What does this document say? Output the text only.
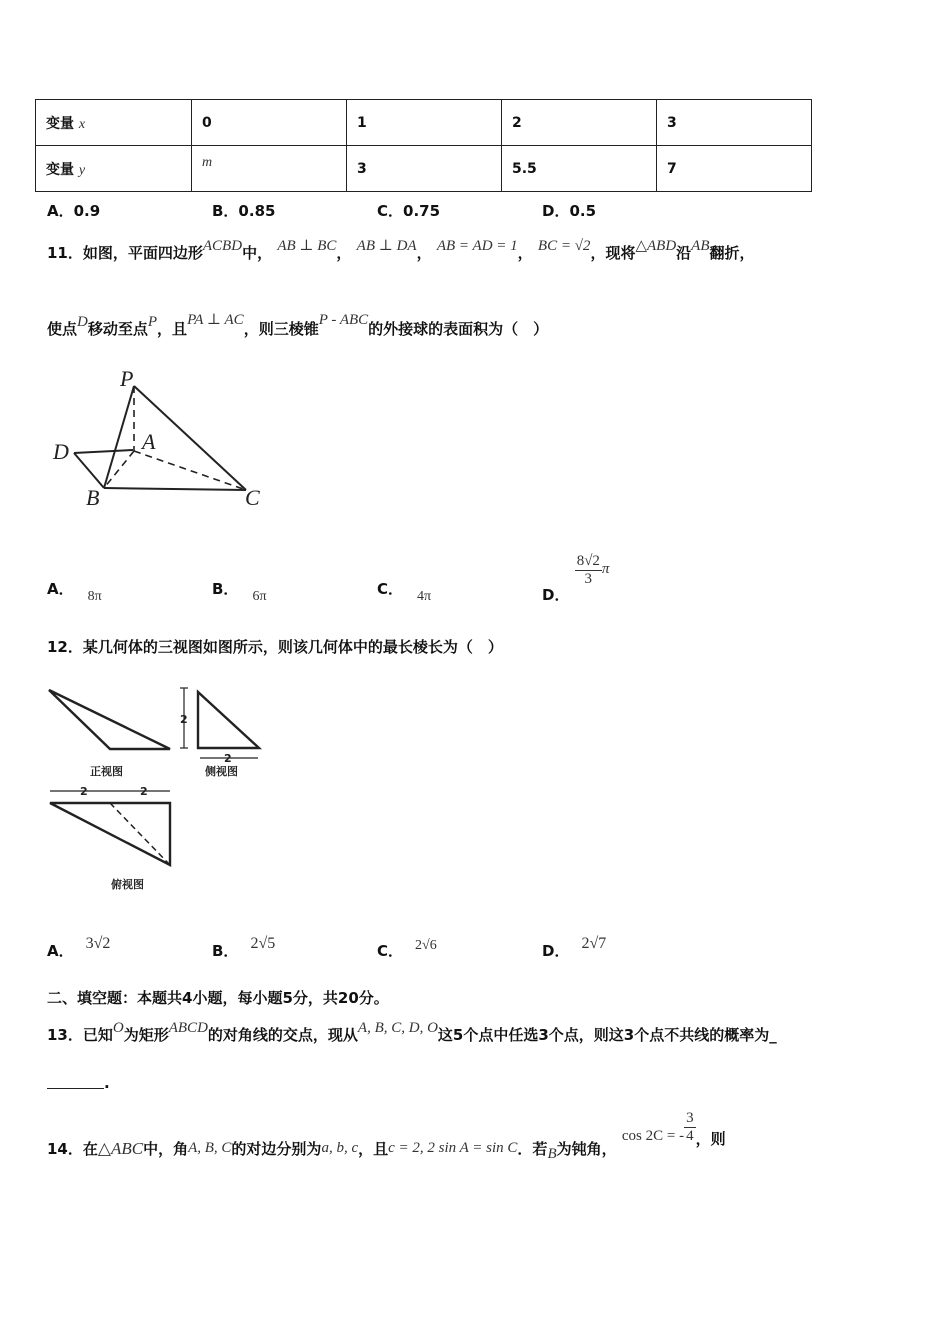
变量 x	0	1	2	3
变量 y	m	3	5.5	7
A．0.9	B．0.85	C．0.75	D．0.5
11．如图，平面四边形ACBD中， AB ⊥ BC， AB ⊥ DA， AB = AD = 1， BC = √2，现将△ABD沿AB翻折，
使点D移动至点P，且PA ⊥ AC，则三棱锥P - ABC的外接球的表面积为（　）
P
D	A
B	C
A． 8π	B． 6π	C． 4π	D．
$\frac{8√2}{3}$ π
12．某几何体的三视图如图所示，则该几何体中的最长棱长为（　）
正视图
2
2
侧视图
2	2
俯视图
A． 3√2	B． 2√5	C． 2√6	D． 2√7
二、填空题：本题共4小题，每小题5分，共20分。
13．已知O为矩形ABCD的对角线的交点，现从A, B, C, D, O这5个点中任选3个点，则这3个点不共线的概率为_
.
14．在△ABC中，角A, B, C的对边分别为a, b, c，且c = 2, 2 sin A = sin C．若B为钝角， cos 2C = - $\frac{3}{4}$ ，则
